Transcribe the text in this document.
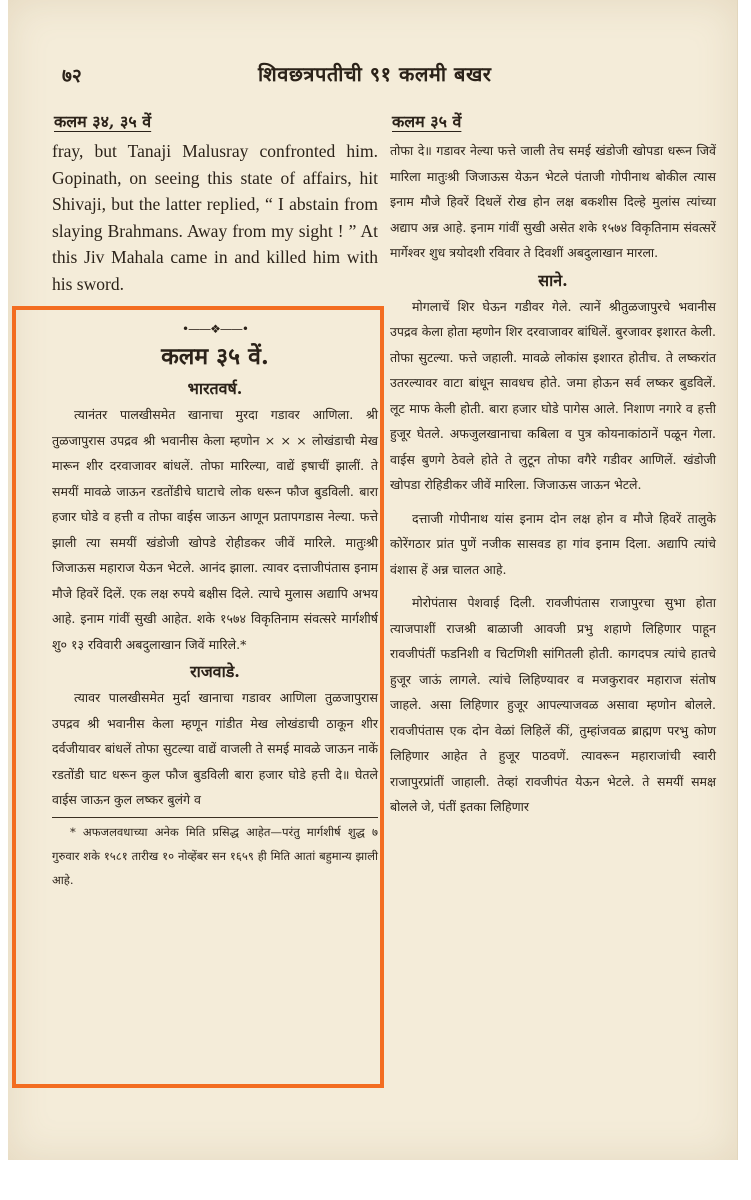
७२	शिवछत्रपतीची ९१ कलमी बखर
कलम ३४, ३५ वें

fray, but Tanaji Malusray confronted him. Gopinath, on seeing this state of affairs, hit Shivaji, but the latter replied, “ I abstain from slaying Brahmans. Away from my sight ! ” At this Jiv Mahala came in and killed him with his sword.

•——❖——•
कलम ३५ वें.
भारतवर्ष.

त्यानंतर पालखीसमेत खानाचा मुरदा गडावर आणिला. श्री तुळजापुरास उपद्रव श्री भवानीस केला म्हणोन × × × लोखंडाची मेख मारून शीर दरवाजावर बांधलें. तोफा मारिल्या, वाद्यें इषाचीं झालीं. ते समयीं मावळे जाऊन रडतोंडीचे घाटाचे लोक धरून फौज बुडविली. बारा हजार घोडे व हत्ती व तोफा वाईस जाऊन आणून प्रतापगडास नेल्या. फत्ते झाली त्या समयीं खंडोजी खोपडे रोहीडकर जीवें मारिले. मातुःश्री जिजाऊस महाराज येऊन भेटले. आनंद झाला. त्यावर दत्ताजीपंतास इनाम मौजे हिवरें दिलें. एक लक्ष रुपये बक्षीस दिले. त्याचे मुलास अद्यापि अभय आहे. इनाम गांवीं सुखी आहेत. शके १५७४ विकृतिनाम संवत्सरे मार्गशीर्ष शु० १३ रविवारी अबदुलाखान जिवें मारिले.*

राजवाडे.

त्यावर पालखीसमेत मुर्दा खानाचा गडावर आणिला तुळजापुरास उपद्रव श्री भवानीस केला म्हणून गांडीत मेख लोखंडाची ठाकून शीर दर्वजीयावर बांधलें तोफा सुटल्या वाद्यें वाजली ते समई मावळे जाऊन नाकें रडतोंडी घाट धरून कुल फौज बुडविली बारा हजार घोडे हत्ती दे॥ घेतले वाईस जाऊन कुल लष्कर बुलंगे व

* अफजलवधाच्या अनेक मिति प्रसिद्ध आहेत—परंतु मार्गशीर्ष शुद्ध ७ गुरुवार शके १५८१ तारीख १० नोव्हेंबर सन १६५९ ही मिति आतां बहुमान्य झाली आहे.

कलम ३५ वें

तोफा दे॥ गडावर नेल्या फत्ते जाली तेच समई खंडोजी खोपडा धरून जिवें मारिला मातुःश्री जिजाऊस येऊन भेटले पंताजी गोपीनाथ बोकील त्यास इनाम मौजे हिवरें दिधलें रोख होन लक्ष बकशीस दिल्हे मुलांस त्यांच्या अद्याप अन्न आहे. इनाम गांवीं सुखी असेत शके १५७४ विकृतिनाम संवत्सरें मार्गेश्वर शुध त्रयोदशी रविवार ते दिवशीं अबदुलाखान मारला.

साने.

मोगलाचें शिर घेऊन गडीवर गेले. त्यानें श्रीतुळजापुरचे भवानीस उपद्रव केला होता म्हणोन शिर दरवाजावर बांधिलें. बुरजावर इशारत केली. तोफा सुटल्या. फत्ते जहाली. मावळे लोकांस इशारत होतीच. ते लष्करांत उतरल्यावर वाटा बांधून सावधच होते. जमा होऊन सर्व लष्कर बुडविलें. लूट माफ केली होती. बारा हजार घोडे पागेस आले. निशाण नगारे व हत्ती हुजूर घेतले. अफजुलखानाचा कबिला व पुत्र कोयनाकांठानें पळून गेला. वाईस बुणगे ठेवले होते ते लुटून तोफा वगैरे गडीवर आणिलें. खंडोजी खोपडा रोहिडीकर जीवें मारिला. जिजाऊस जाऊन भेटले.

दत्ताजी गोपीनाथ यांस इनाम दोन लक्ष होन व मौजे हिवरें तालुके कोरेंगठार प्रांत पुणें नजीक सासवड हा गांव इनाम दिला. अद्यापि त्यांचे वंशास हें अन्न चालत आहे.

मोरोपंतास पेशवाई दिली. रावजीपंतास राजापुरचा सुभा होता त्याजपाशीं राजश्री बाळाजी आवजी प्रभु शहाणे लिहिणार पाहून रावजीपंतीं फडनिशी व चिटणिशी सांगितली होती. कागदपत्र त्यांचे हातचे हुजूर जाऊं लागले. त्यांचे लिहिण्यावर व मजकुरावर महाराज संतोष जाहले. असा लिहिणार हुजूर आपल्याजवळ असावा म्हणोन बोलले. रावजीपंतास एक दोन वेळां लिहिलें कीं, तुम्हांजवळ ब्राह्मण परभु कोण लिहिणार आहेत ते हुजूर पाठवणें. त्यावरून महाराजांची स्वारी राजापुरप्रांतीं जाहाली. तेव्हां रावजीपंत येऊन भेटले. ते समयीं समक्ष बोलले जे, पंतीं इतका लिहिणार
